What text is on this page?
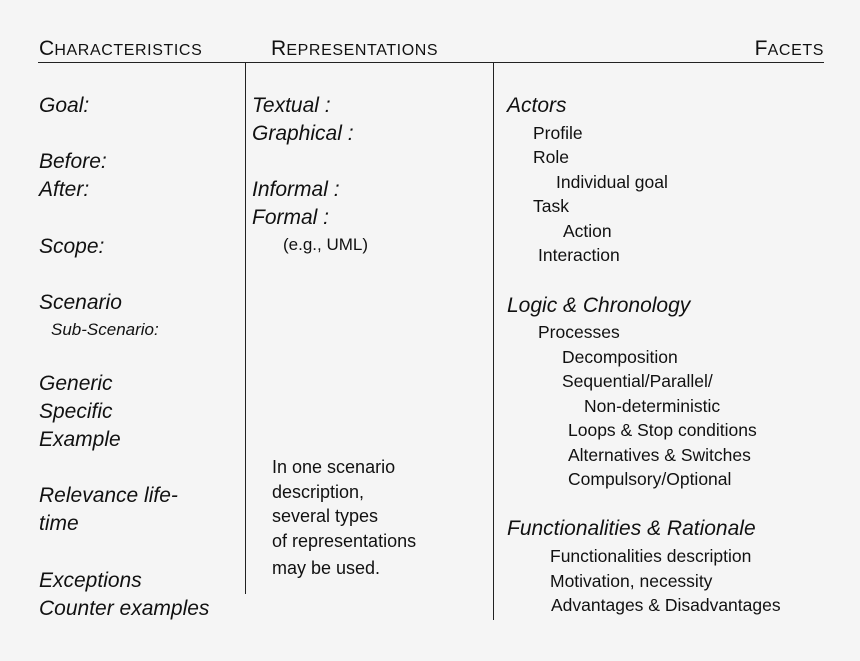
CHARACTERISTICS	REPRESENTATIONS	FACETS
Goal:
Before:
After:
Scope:
Scenario
Sub-Scenario:
Generic
Specific
Example
Relevance life-
time
Exceptions
Counter examples
Textual :
Graphical :
Informal :
Formal :
(e.g., UML)
In one scenario
description,
several types
of representations
may be used.
Actors
Profile
Role
Individual goal
Task
Action
Interaction
Logic & Chronology
Processes
Decomposition
Sequential/Parallel/
Non-deterministic
Loops & Stop conditions
Alternatives & Switches
Compulsory/Optional
Functionalities & Rationale
Functionalities description
Motivation, necessity
Advantages & Disadvantages
